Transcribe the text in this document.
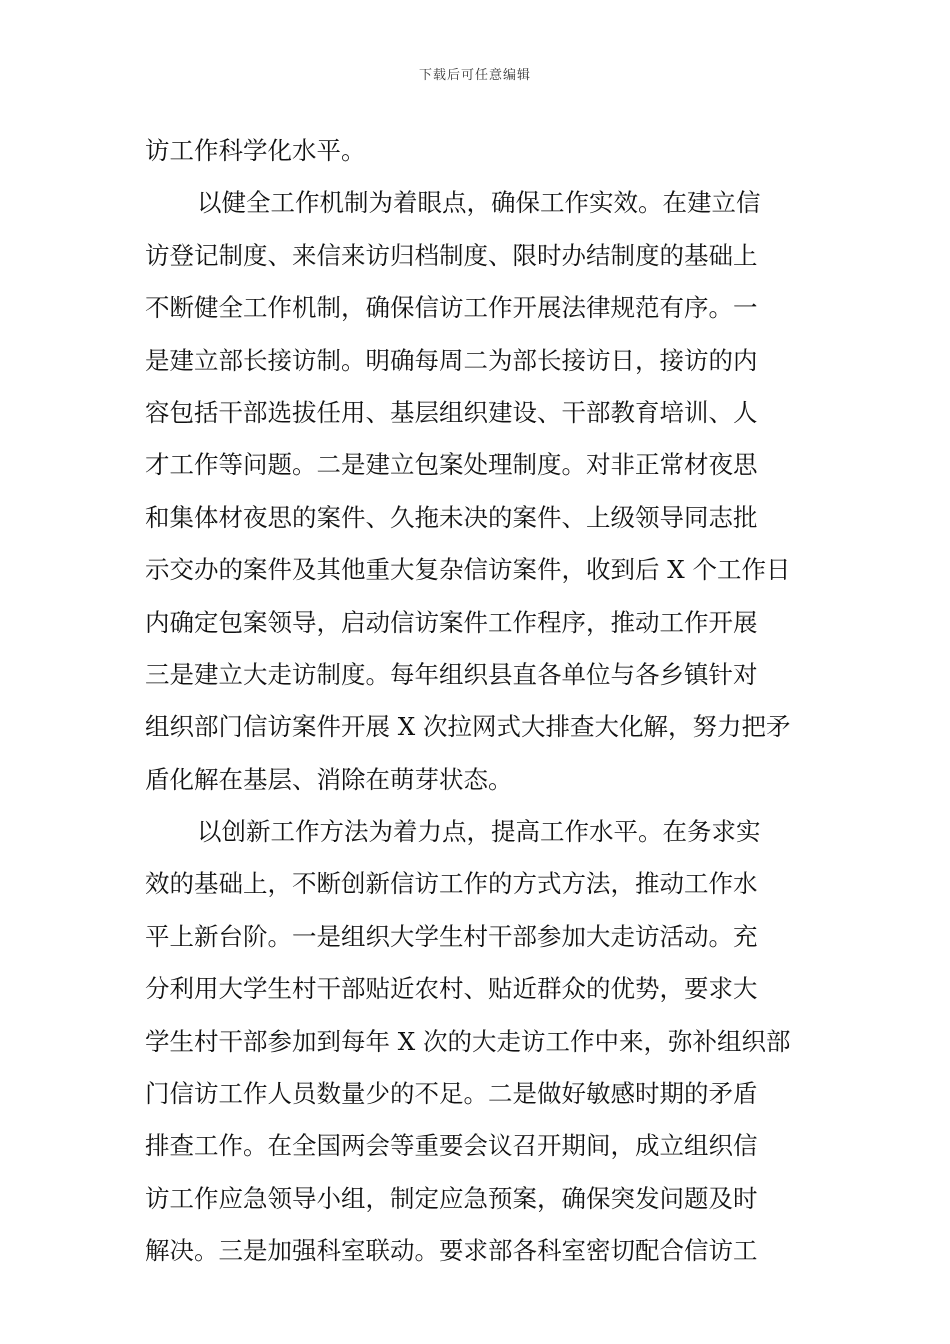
下载后可任意编辑
访工作科学化水平。
以健全工作机制为着眼点，确保工作实效。在建立信
访登记制度、来信来访归档制度、限时办结制度的基础上
不断健全工作机制，确保信访工作开展法律规范有序。一
是建立部长接访制。明确每周二为部长接访日，接访的内
容包括干部选拔任用、基层组织建设、干部教育培训、人
才工作等问题。二是建立包案处理制度。对非正常材夜思
和集体材夜思的案件、久拖未决的案件、上级领导同志批
示交办的案件及其他重大复杂信访案件，收到后 X 个工作日
内确定包案领导，启动信访案件工作程序，推动工作开展
三是建立大走访制度。每年组织县直各单位与各乡镇针对
组织部门信访案件开展 X 次拉网式大排查大化解，努力把矛
盾化解在基层、消除在萌芽状态。
以创新工作方法为着力点，提高工作水平。在务求实
效的基础上，不断创新信访工作的方式方法，推动工作水
平上新台阶。一是组织大学生村干部参加大走访活动。充
分利用大学生村干部贴近农村、贴近群众的优势，要求大
学生村干部参加到每年 X 次的大走访工作中来，弥补组织部
门信访工作人员数量少的不足。二是做好敏感时期的矛盾
排查工作。在全国两会等重要会议召开期间，成立组织信
访工作应急领导小组，制定应急预案，确保突发问题及时
解决。三是加强科室联动。要求部各科室密切配合信访工
